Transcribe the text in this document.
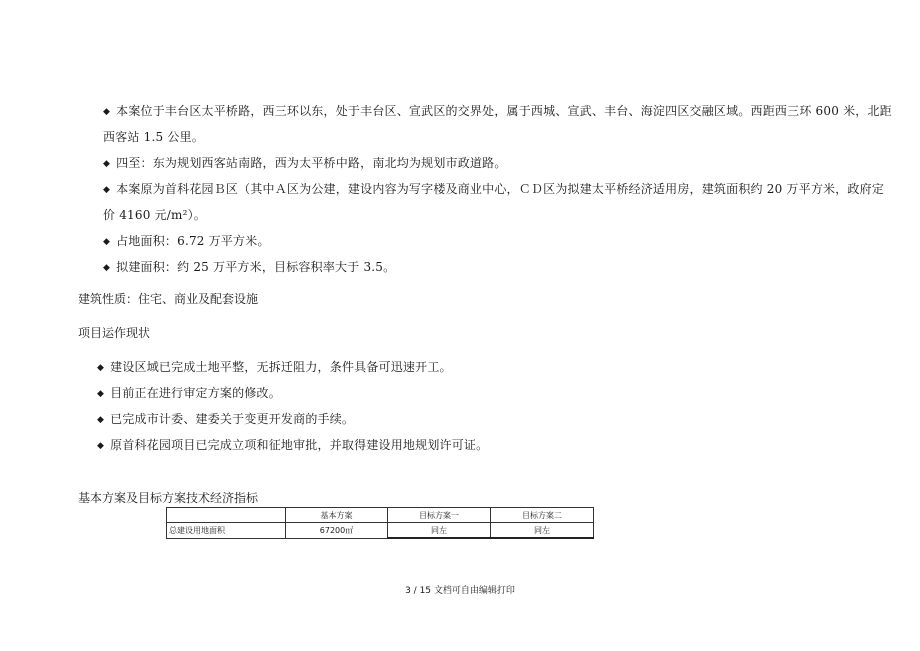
◆ 本案位于丰台区太平桥路，西三环以东，处于丰台区、宣武区的交界处，属于西城、宣武、丰台、海淀四区交融区域。西距西三环 600 米，北距
西客站 1.5 公里。
◆ 四至：东为规划西客站南路，西为太平桥中路，南北均为规划市政道路。
◆ 本案原为首科花园Ｂ区（其中Ａ区为公建，建设内容为写字楼及商业中心，ＣＤ区为拟建太平桥经济适用房，建筑面积约 20 万平方米，政府定
价 4160 元/m²）。
◆ 占地面积：6.72 万平方米。
◆ 拟建面积：约 25 万平方米，目标容积率大于 3.5。
建筑性质：住宅、商业及配套设施
项目运作现状
◆ 建设区域已完成土地平整，无拆迁阻力，条件具备可迅速开工。
◆ 目前正在进行审定方案的修改。
◆ 已完成市计委、建委关于变更开发商的手续。
◆ 原首科花园项目已完成立项和征地审批，并取得建设用地规划许可证。
基本方案及目标方案技术经济指标
	基本方案	目标方案一	目标方案二
总建设用地面积	67200㎡	同左	同左
3 / 15 文档可自由编辑打印
